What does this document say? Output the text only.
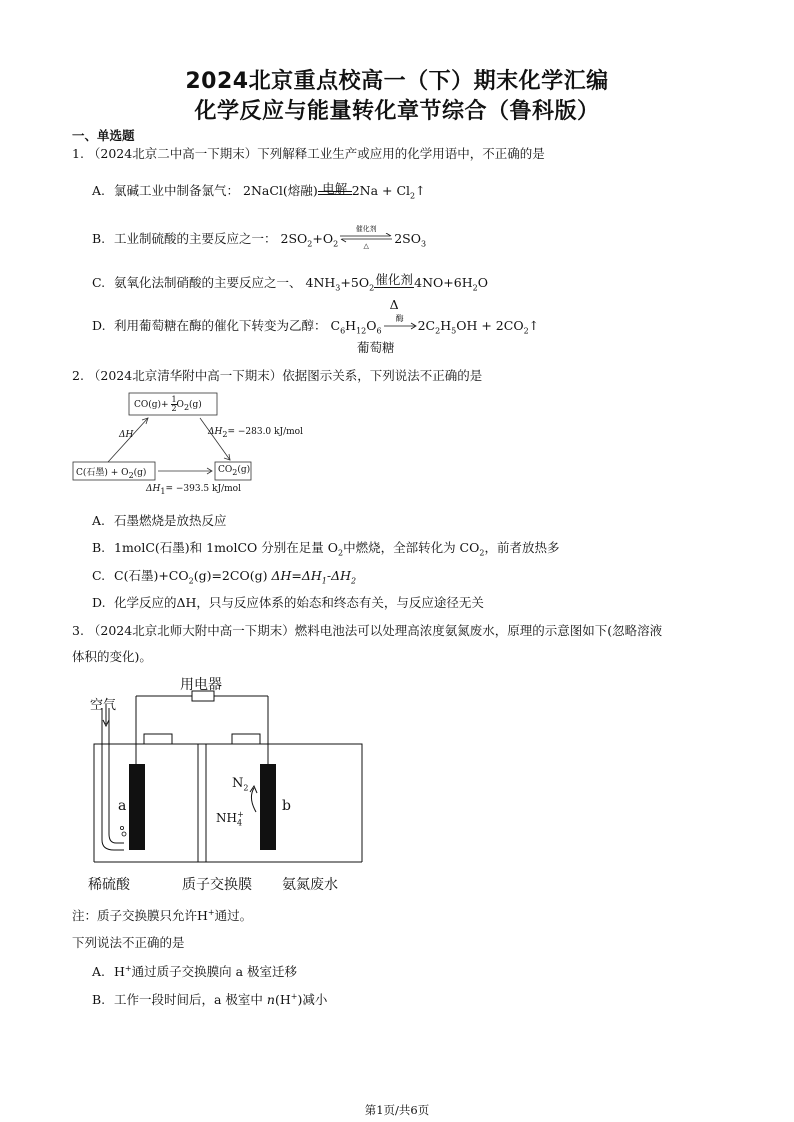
2024北京重点校高一（下）期末化学汇编
化学反应与能量转化章节综合（鲁科版）
一、单选题
1. （2024北京二中高一下期末）下列解释工业生产或应用的化学用语中，不正确的是
A. 氯碱工业中制备氯气： 2NaCl(熔融) 电解 $2Na + Cl_2↑$
B. 工业制硫酸的主要反应之一： $2SO_2+O_2$
催化剂
△	$2SO_3$
C. 氨氧化法制硝酸的主要反应之一、 $4NH_3+5O_2$
催化剂
Δ
$4NO+6H_2O$
D. 利用葡萄糖在酶的催化下转变为乙醇： $C_6H_{12}O_6$
酶	$2C_2H_5OH$ + $2CO_2↑$
葡萄糖
2. （2024北京清华附中高一下期末）依据图示关系，下列说法不正确的是
$CO(g)+ \frac{1}{2} O_2(g)$
C(石墨) + $O_2(g)$	$CO_2(g)$
ΔH	$\Delta H_2= -283.0$ kJ/mol
$\Delta H_1= -393.5$ kJ/mol
A. 石墨燃烧是放热反应
B. 1molC(石墨)和 1molCO 分别在足量 $O_2$中燃烧，全部转化为 $CO_2$，前者放热多
C. C(石墨)$+CO_2(g)=2CO(g)$ $\Delta H=\Delta H_1-\Delta H_2$
D. 化学反应的ΔH，只与反应体系的始态和终态有关，与反应途径无关
3. （2024北京北师大附中高一下期末）燃料电池法可以处理高浓度氨氮废水，原理的示意图如下(忽略溶液
体积的变化)。
用电器
空气
a	b
$N_2$
$NH_4^+$
稀硫酸	质子交换膜 氨氮废水
注：质子交换膜只允许H+通过。
下列说法不正确的是
A. H+通过质子交换膜向 a 极室迁移
B. 工作一段时间后，a 极室中 n(H+)减小
第1页/共6页
